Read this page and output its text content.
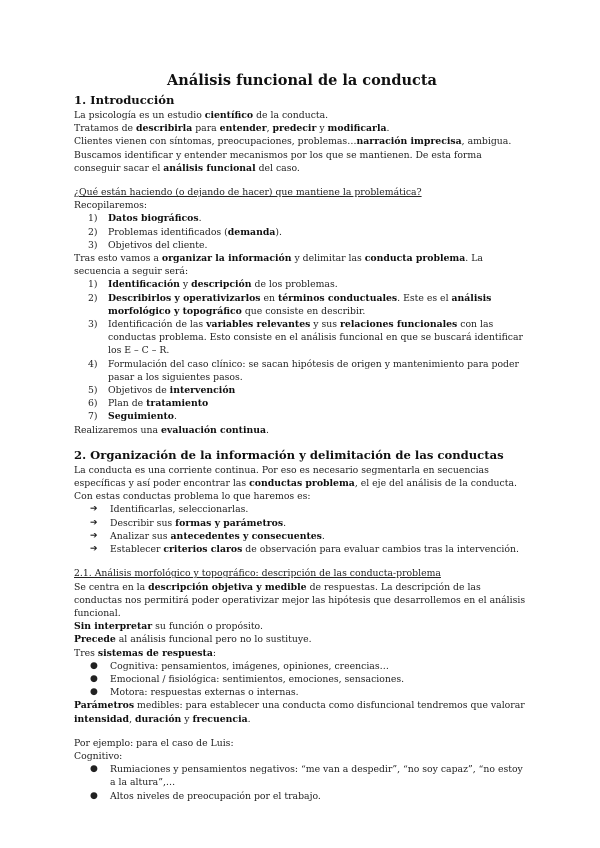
Análisis funcional de la conducta
1. Introducción

La psicología es un estudio científico de la conducta.

Tratamos de describirla para entender, predecir y modificarla.

Clientes vienen con síntomas, preocupaciones, problemas…narración imprecisa, ambigua.

Buscamos identificar y entender mecanismos por los que se mantienen. De esta forma conseguir sacar el análisis funcional del caso.

¿Qué están haciendo (o dejando de hacer) que mantiene la problemática?

Recopilaremos:

1) Datos biográficos.
2) Problemas identificados (demanda).
3) Objetivos del cliente.

Tras esto vamos a organizar la información y delimitar las conducta problema. La secuencia a seguir será:

1) Identificación y descripción de los problemas.
2) Describirlos y operativizarlos en términos conductuales. Este es el análisis morfológico y topográfico que consiste en describir.
3) Identificación de las variables relevantes y sus relaciones funcionales con las conductas problema. Esto consiste en el análisis funcional en que se buscará identificar los E – C – R.
4) Formulación del caso clínico: se sacan hipótesis de origen y mantenimiento para poder pasar a los siguientes pasos.
5) Objetivos de intervención
6) Plan de tratamiento
7) Seguimiento.

Realizaremos una evaluación continua.

2. Organización de la información y delimitación de las conductas

La conducta es una corriente continua. Por eso es necesario segmentarla en secuencias específicas y así poder encontrar las conductas problema, el eje del análisis de la conducta. Con estas conductas problema lo que haremos es:

➔ Identificarlas, seleccionarlas.
➔ Describir sus formas y parámetros.
➔ Analizar sus antecedentes y consecuentes.
➔ Establecer criterios claros de observación para evaluar cambios tras la intervención.

2.1. Análisis morfológico y topográfico: descripción de las conducta-problema

Se centra en la descripción objetiva y medible de respuestas. La descripción de las conductas nos permitirá poder operativizar mejor las hipótesis que desarrollemos en el análisis funcional.

Sin interpretar su función o propósito.

Precede al análisis funcional pero no lo sustituye.

Tres sistemas de respuesta:

● Cognitiva: pensamientos, imágenes, opiniones, creencias…
● Emocional / fisiológica: sentimientos, emociones, sensaciones.
● Motora: respuestas externas o internas.

Parámetros medibles: para establecer una conducta como disfuncional tendremos que valorar intensidad, duración y frecuencia.

Por ejemplo: para el caso de Luis:

Cognitivo:

● Rumiaciones y pensamientos negativos: “me van a despedir”, “no soy capaz”, “no estoy a la altura”,…
● Altos niveles de preocupación por el trabajo.
